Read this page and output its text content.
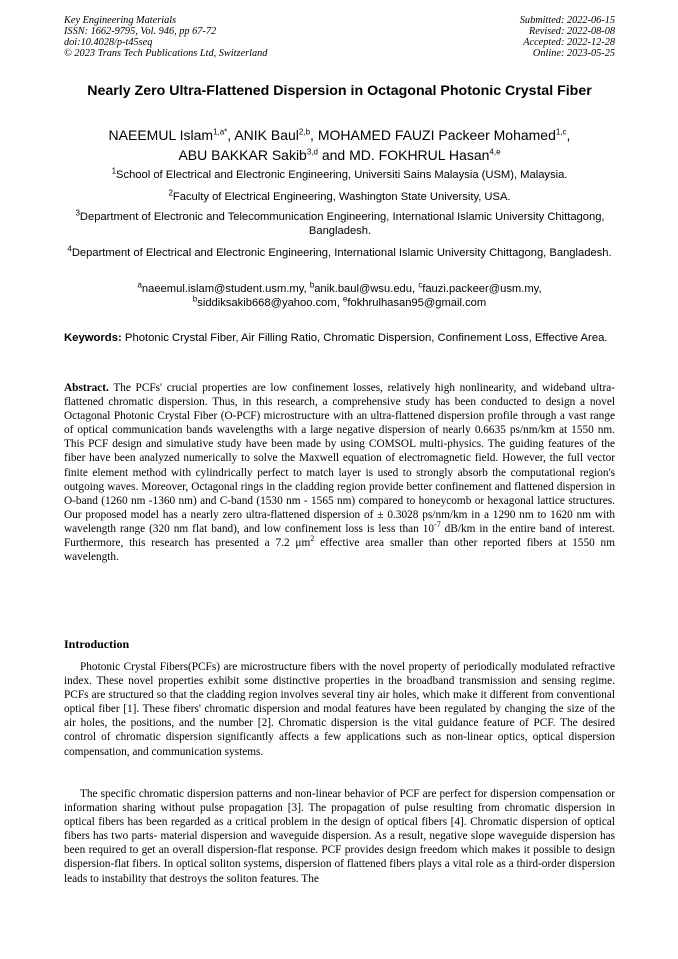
Key Engineering Materials
ISSN: 1662-9795, Vol. 946, pp 67-72
doi:10.4028/p-t45seq
© 2023 Trans Tech Publications Ltd, Switzerland
Submitted: 2022-06-15
Revised: 2022-08-08
Accepted: 2022-12-28
Online: 2023-05-25
Nearly Zero Ultra-Flattened Dispersion in Octagonal Photonic Crystal Fiber
NAEEMUL Islam$^{1,a*}$, ANIK Baul$^{2,b}$, MOHAMED FAUZI Packeer Mohamed$^{1,c}$,
ABU BAKKAR Sakib$^{3,d}$ and MD. FOKHRUL Hasan$^{4,e}$
$^1$School of Electrical and Electronic Engineering, Universiti Sains Malaysia (USM), Malaysia.
$^2$Faculty of Electrical Engineering, Washington State University, USA.
$^3$Department of Electronic and Telecommunication Engineering, International Islamic University Chittagong, Bangladesh.
$^4$Department of Electrical and Electronic Engineering, International Islamic University Chittagong, Bangladesh.
$^a$naeemul.islam@student.usm.my, $^b$anik.baul@wsu.edu, $^c$fauzi.packeer@usm.my,
$^b$siddiksakib668@yahoo.com, $^e$fokhrulhasan95@gmail.com
Keywords: Photonic Crystal Fiber, Air Filling Ratio, Chromatic Dispersion, Confinement Loss, Effective Area.
Abstract. The PCFs' crucial properties are low confinement losses, relatively high nonlinearity, and wideband ultra-flattened chromatic dispersion. Thus, in this research, a comprehensive study has been conducted to design a novel Octagonal Photonic Crystal Fiber (O-PCF) microstructure with an ultra-flattened dispersion profile through a vast range of optical communication bands wavelengths with a large negative dispersion of nearly 0.6635 ps/nm/km at 1550 nm. This PCF design and simulative study have been made by using COMSOL multi-physics. The guiding features of the fiber have been analyzed numerically to solve the Maxwell equation of electromagnetic field. However, the full vector finite element method with cylindrically perfect to match layer is used to strongly absorb the computational region's outgoing waves. Moreover, Octagonal rings in the cladding region provide better confinement and flattened dispersion in O-band (1260 nm -1360 nm) and C-band (1530 nm - 1565 nm) compared to honeycomb or hexagonal lattice structures. Our proposed model has a nearly zero ultra-flattened dispersion of ± 0.3028 ps/nm/km in a 1290 nm to 1620 nm with wavelength range (320 nm flat band), and low confinement loss is less than $10^{-7}$ dB/km in the entire band of interest. Furthermore, this research has presented a 7.2 $\mu m^2$ effective area smaller than other reported fibers at 1550 nm wavelength.
Introduction
Photonic Crystal Fibers(PCFs) are microstructure fibers with the novel property of periodically modulated refractive index. These novel properties exhibit some distinctive properties in the broadband transmission and sensing regime. PCFs are structured so that the cladding region involves several tiny air holes, which make it different from conventional optical fiber [1]. These fibers' chromatic dispersion and modal features have been regulated by changing the size of the air holes, the positions, and the number [2]. Chromatic dispersion is the vital guidance feature of PCF. The desired control of chromatic dispersion significantly affects a few applications such as non-linear optics, optical dispersion compensation, and communication systems.
The specific chromatic dispersion patterns and non-linear behavior of PCF are perfect for dispersion compensation or information sharing without pulse propagation [3]. The propagation of pulse resulting from chromatic dispersion in optical fibers has been regarded as a critical problem in the design of optical fibers [4]. Chromatic dispersion of optical fibers has two parts- material dispersion and waveguide dispersion. As a result, negative slope waveguide dispersion has been required to get an overall dispersion-flat response. PCF provides design freedom which makes it possible to design dispersion-flat fibers. In optical soliton systems, dispersion of flattened fibers plays a vital role as a third-order dispersion leads to instability that destroys the soliton features. The
